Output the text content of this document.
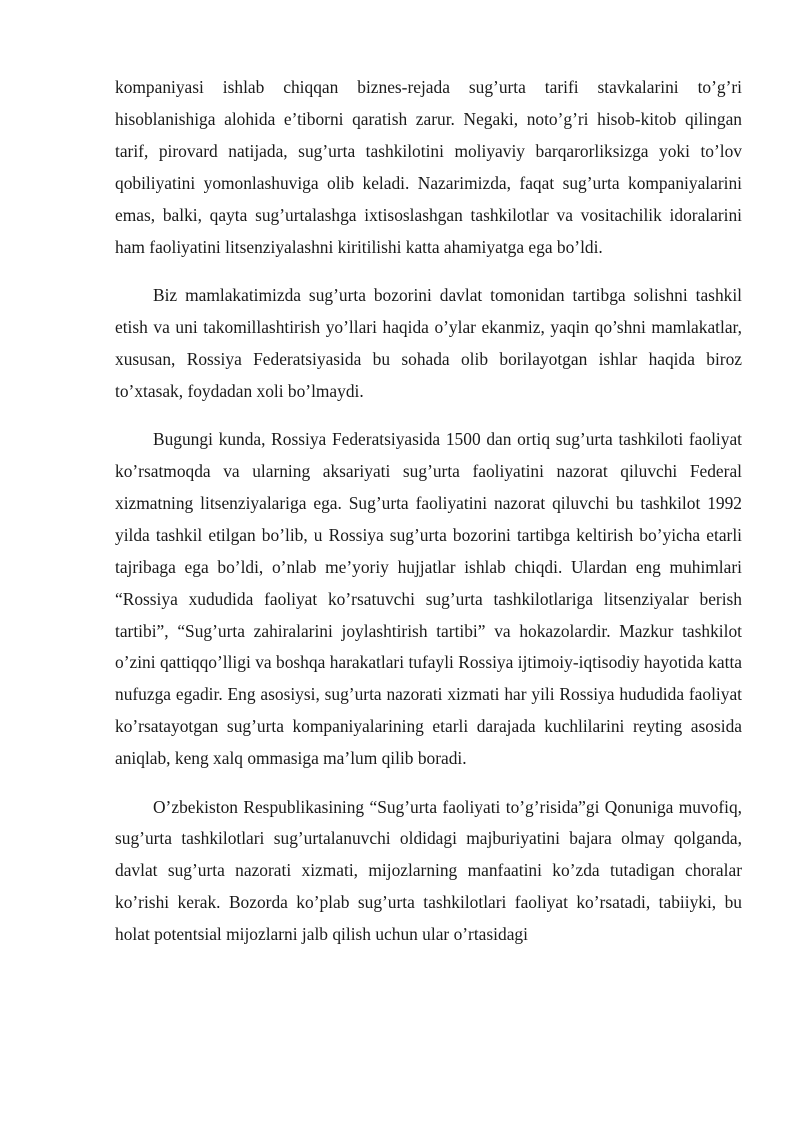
kompaniyasi ishlab chiqqan biznes-rejada sug’urta tarifi stavkalarini to’g’ri hisoblanishiga alohida e’tiborni qaratish zarur. Negaki, noto’g’ri hisob-kitob qilingan tarif, pirovard natijada, sug’urta tashkilotini moliyaviy barqarorliksizga yoki to’lov qobiliyatini yomonlashuviga olib keladi. Nazarimizda, faqat sug’urta kompaniyalarini emas, balki, qayta sug’urtalashga ixtisoslashgan tashkilotlar va vositachilik idoralarini ham faoliyatini litsenziyalashni kiritilishi katta ahamiyatga ega bo’ldi.

Biz mamlakatimizda sug’urta bozorini davlat tomonidan tartibga solishni tashkil etish va uni takomillashtirish yo’llari haqida o’ylar ekanmiz, yaqin qo’shni mamlakatlar, xususan, Rossiya Federatsiyasida bu sohada olib borilayotgan ishlar haqida biroz to’xtasak, foydadan xoli bo’lmaydi.

Bugungi kunda, Rossiya Federatsiyasida 1500 dan ortiq sug’urta tashkiloti faoliyat ko’rsatmoqda va ularning aksariyati sug’urta faoliyatini nazorat qiluvchi Federal xizmatning litsenziyalariga ega. Sug’urta faoliyatini nazorat qiluvchi bu tashkilot 1992 yilda tashkil etilgan bo’lib, u Rossiya sug’urta bozorini tartibga keltirish bo’yicha etarli tajribaga ega bo’ldi, o’nlab me’yoriy hujjatlar ishlab chiqdi. Ulardan eng muhimlari “Rossiya xududida faoliyat ko’rsatuvchi sug’urta tashkilotlariga litsenziyalar berish tartibi”, “Sug’urta zahiralarini joylashtirish tartibi” va hokazolardir. Mazkur tashkilot o’zini qattiqqo’lligi va boshqa harakatlari tufayli Rossiya ijtimoiy-iqtisodiy hayotida katta nufuzga egadir. Eng asosiysi, sug’urta nazorati xizmati har yili Rossiya hududida faoliyat ko’rsatayotgan sug’urta kompaniyalarining etarli darajada kuchlilarini reyting asosida aniqlab, keng xalq ommasiga ma’lum qilib boradi.

O’zbekiston Respublikasining “Sug’urta faoliyati to’g’risida”gi Qonuniga muvofiq, sug’urta tashkilotlari sug’urtalanuvchi oldidagi majburiyatini bajara olmay qolganda, davlat sug’urta nazorati xizmati, mijozlarning manfaatini ko’zda tutadigan choralar ko’rishi kerak. Bozorda ko’plab sug’urta tashkilotlari faoliyat ko’rsatadi, tabiiyki, bu holat potentsial mijozlarni jalb qilish uchun ular o’rtasidagi
